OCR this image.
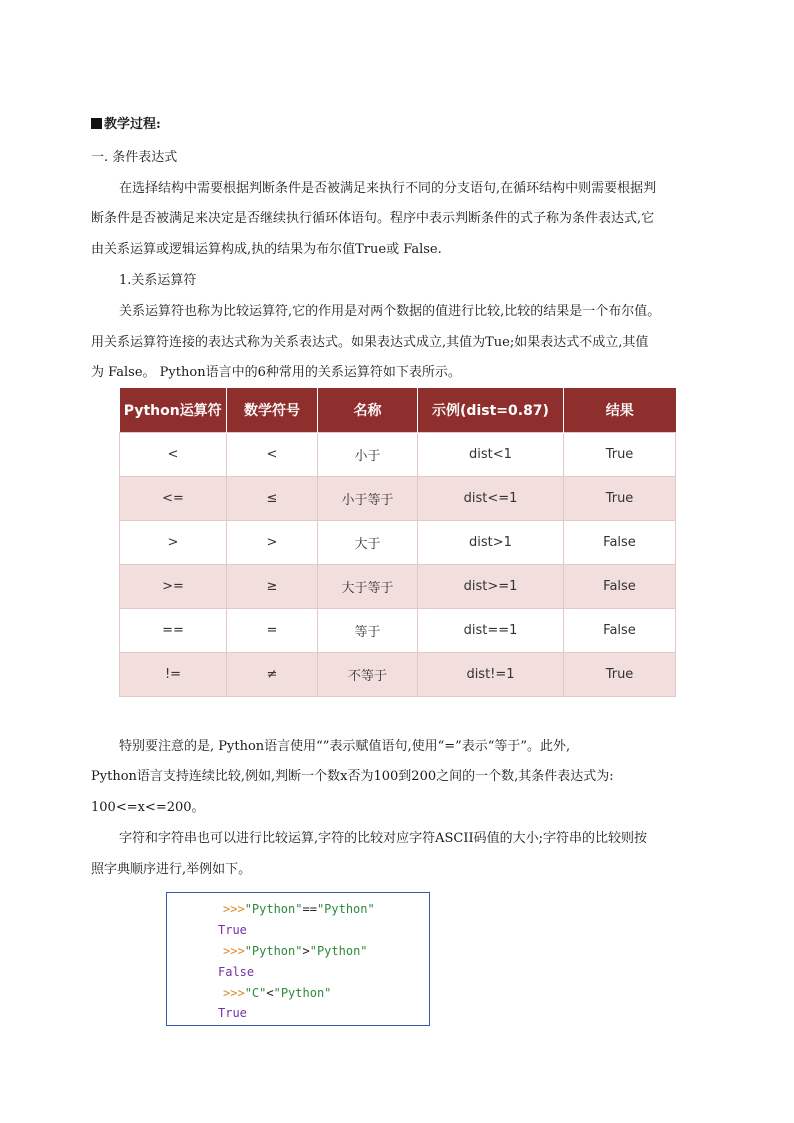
教学过程:
一. 条件表达式
在选择结构中需要根据判断条件是否被满足来执行不同的分支语句,在循环结构中则需要根据判
断条件是否被满足来决定是否继续执行循环体语句。程序中表示判断条件的式子称为条件表达式,它
由关系运算或逻辑运算构成,执的结果为布尔值True或 False.
1.关系运算符
关系运算符也称为比较运算符,它的作用是对两个数据的值进行比较,比较的结果是一个布尔值。
用关系运算符连接的表达式称为关系表达式。如果表达式成立,其值为Tue;如果表达式不成立,其值
为 False。 Python语言中的6种常用的关系运算符如下表所示。
Python运算符	数学符号	名称	示例(dist=0.87)	结果
<	<	小于	dist<1	True
<=	≤	小于等于	dist<=1	True
>	>	大于	dist>1	False
>=	≥	大于等于	dist>=1	False
==	=	等于	dist==1	False
!=	≠	不等于	dist!=1	True
特别要注意的是, Python语言使用“”表示赋值语句,使用“=”表示“等于”。此外,
Python语言支持连续比较,例如,判断一个数x否为100到200之间的一个数,其条件表达式为:
100<=x<=200。
字符和字符串也可以进行比较运算,字符的比较对应字符ASCII码值的大小;字符串的比较则按
照字典顺序进行,举例如下。
>>>"Python"=="Python"
True
>>>"Python">"Python"
False
>>>"C"<"Python"
True
